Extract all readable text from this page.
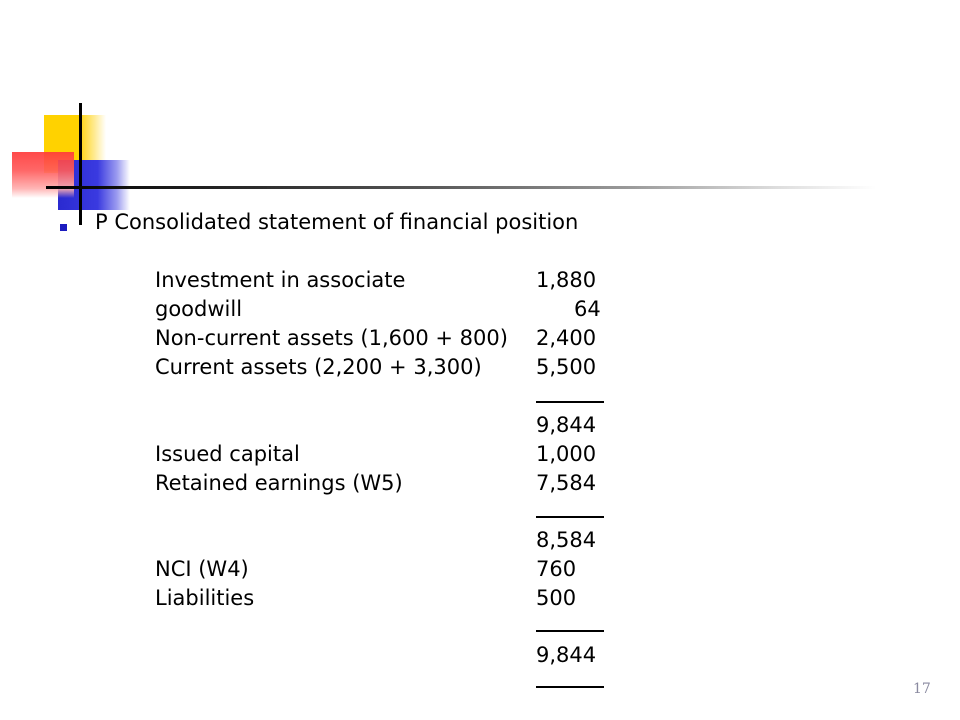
P Consolidated statement of financial position
Investment in associate	1,880
goodwill	64
Non-current assets (1,600 + 800) 2,400
Current assets (2,200 + 3,300)	5,500
9,844
Issued capital	1,000
Retained earnings (W5)	7,584
8,584
NCI (W4)	760
Liabilities	500
9,844
17
